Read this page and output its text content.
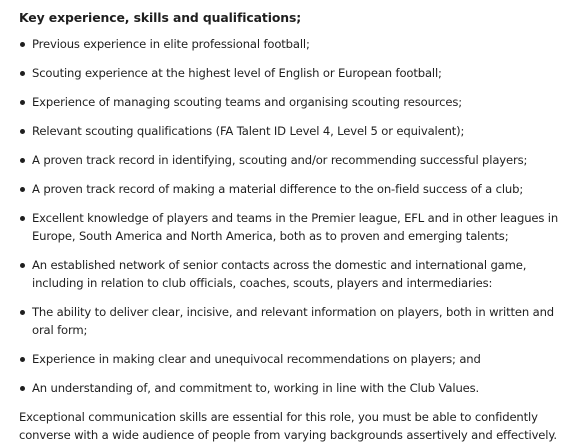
Key experience, skills and qualifications;

Previous experience in elite professional football;
Scouting experience at the highest level of English or European football;
Experience of managing scouting teams and organising scouting resources;
Relevant scouting qualifications (FA Talent ID Level 4, Level 5 or equivalent);
A proven track record in identifying, scouting and/or recommending successful players;
A proven track record of making a material difference to the on-field success of a club;
Excellent knowledge of players and teams in the Premier league, EFL and in other leagues in Europe, South America and North America, both as to proven and emerging talents;
An established network of senior contacts across the domestic and international game, including in relation to club officials, coaches, scouts, players and intermediaries:
The ability to deliver clear, incisive, and relevant information on players, both in written and oral form;
Experience in making clear and unequivocal recommendations on players; and
An understanding of, and commitment to, working in line with the Club Values.

Exceptional communication skills are essential for this role, you must be able to confidently converse with a wide audience of people from varying backgrounds assertively and effectively.
